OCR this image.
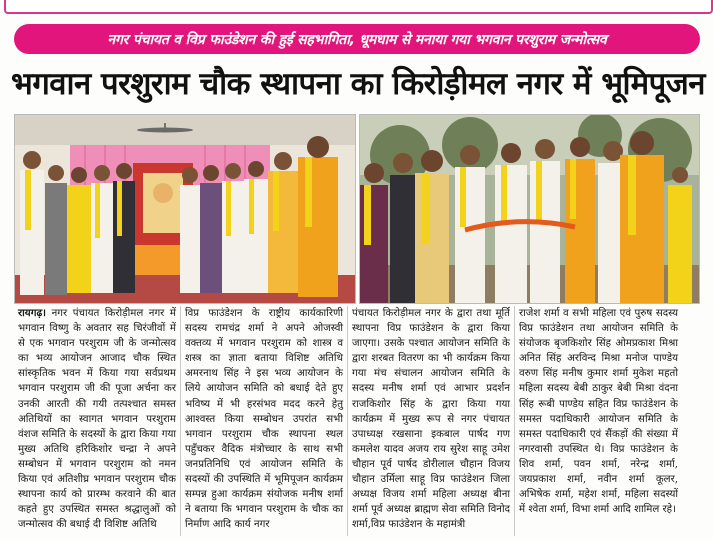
नगर पंचायत व विप्र फाउंडेशन की हुई सहभागिता, धूमधाम से मनाया गया भगवान परशुराम जन्मोत्सव
भगवान परशुराम चौक स्थापना का किरोड़ीमल नगर में भूमिपूजन
रायगढ़। नगर पंचायत किरोड़ीमल नगर में भगवान विष्णु के अवतार सह चिरंजीवों में से एक भगवान परशुराम जी के जन्मोत्सव का भव्य आयोजन आजाद चौक स्थित सांस्कृतिक भवन में किया गया सर्वप्रथम भगवान परशुराम जी की पूजा अर्चना कर उनकी आरती की गयी तत्पश्चात समस्त अतिथियों का स्वागत भगवान परशुराम वंशज समिति के सदस्यों के द्वारा किया गया मुख्य अतिथि हरिकिशोर चन्द्रा ने अपने सम्बोधन में भगवान परशुराम को नमन किया एवं अतिशीघ्र भगवान परशुराम चौक स्थापना कार्य को प्रारम्भ करवाने की बात कहते हुए उपस्थित समस्त श्रद्धालुओं को जन्मोत्सव की बधाई दी विशिष्ट अतिथि
विप्र फाउंडेशन के राष्ट्रीय कार्यकारिणी सदस्य रामचंद्र शर्मा ने अपने ओजस्वी वक्तव्य में भगवान परशुराम को शास्त्र व शस्त्र का ज्ञाता बताया विशिष्ट अतिथि अमरनाथ सिंह ने इस भव्य आयोजन के लिये आयोजन समिति को बधाई देते हुए भविष्य में भी हरसंभव मदद करने हेतु आश्वस्त किया सम्बोधन उपरांत सभी भगवान परशुराम चौक स्थापना स्थल पहुँचकर वैदिक मंत्रोच्चार के साथ सभी जनप्रतिनिधि एवं आयोजन समिति के सदस्यों की उपस्थिति में भूमिपूजन कार्यक्रम सम्पन्न हुआ कार्यक्रम संयोजक मनीष शर्मा ने बताया कि भगवान परशुराम के चौक का निर्माण आदि कार्य नगर
पंचायत किरोड़ीमल नगर के द्वारा तथा मूर्ति स्थापना विप्र फाउंडेशन के द्वारा किया जाएगा। उसके पश्चात आयोजन समिति के द्वारा शरबत वितरण का भी कार्यक्रम किया गया मंच संचालन आयोजन समिति के सदस्य मनीष शर्मा एवं आभार प्रदर्शन राजकिशोर सिंह के द्वारा किया गया कार्यक्रम में मुख्य रूप से नगर पंचायत उपाध्यक्ष रखसाना इकबाल पार्षद गण कमलेश यादव अजय राय सुरेश साहू उमेश चौहान पूर्व पार्षद डोरीलाल चौहान विजय चौहान उर्मिला साहू विप्र फाउंडेशन जिला अध्यक्ष विजय शर्मा महिला अध्यक्ष बीना शर्मा पूर्व अध्यक्ष ब्राह्मण सेवा समिति विनोद शर्मा,विप्र फाउंडेशन के महामंत्री
राजेश शर्मा व सभी महिला एवं पुरुष सदस्य विप्र फाउंडेशन तथा आयोजन समिति के संयोजक बृजकिशोर सिंह ओमप्रकाश मिश्रा अनित सिंह अरविन्द मिश्रा मनोज पाण्डेय वरुण सिंह मनीष कुमार शर्मा मुकेश महतो महिला सदस्य बेबी ठाकुर बेबी मिश्रा वंदना सिंह रूबी पाण्डेय सहित विप्र फाउंडेशन के समस्त पदाधिकारी आयोजन समिति के समस्त पदाधिकारी एवं सैंकड़ों की संख्या में नगरवासी उपस्थित थे। विप्र फाउंडेशन के शिव शर्मा, पवन शर्मा, नरेन्द्र शर्मा, जयप्रकाश शर्मा, नवीन शर्मा कूलर, अभिषेक शर्मा, महेश शर्मा, महिला सदस्यों में श्वेता शर्मा, विभा शर्मा आदि शामिल रहे।
